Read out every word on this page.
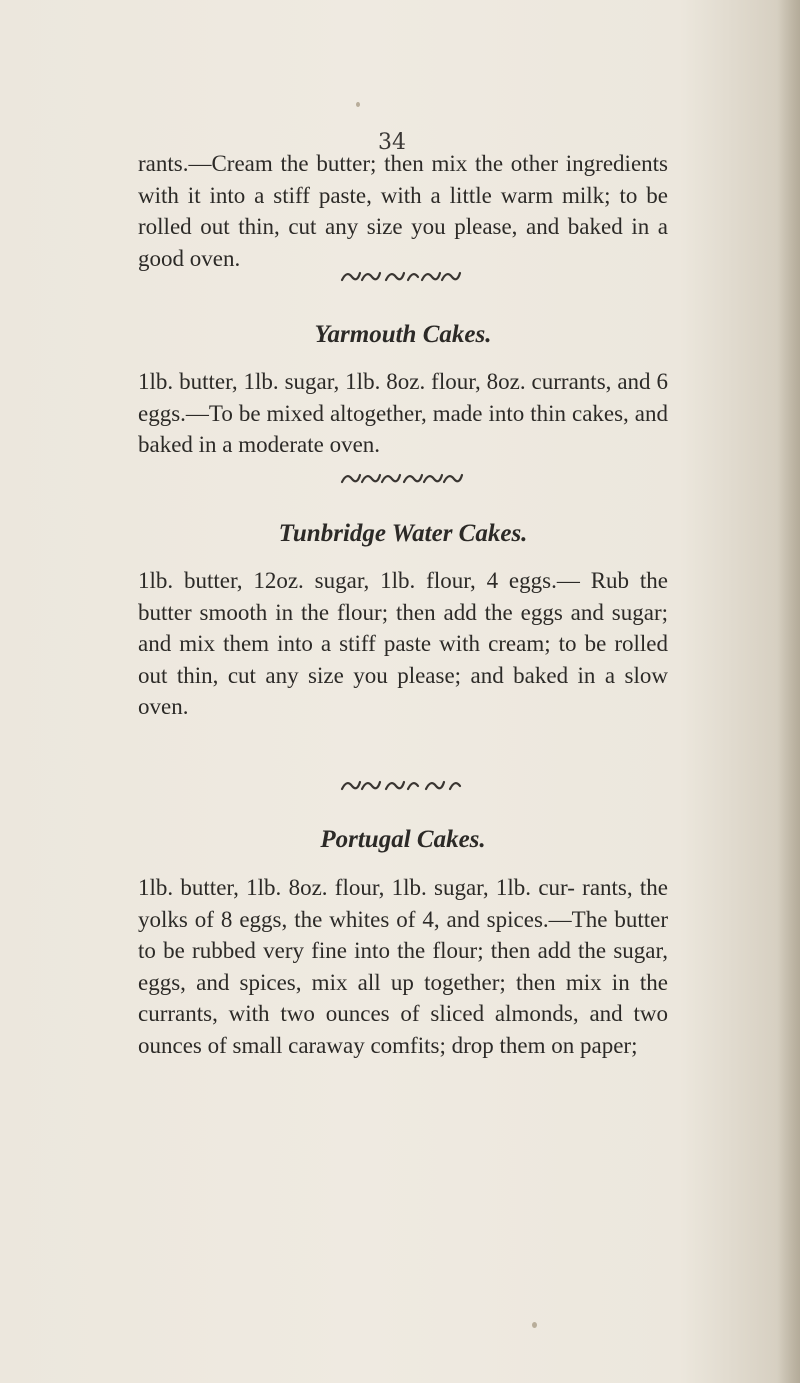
34

rants.—Cream the butter; then mix the other ingredients with it into a stiff paste, with a little warm milk; to be rolled out thin, cut any size you please, and baked in a good oven.

Yarmouth Cakes.

1lb. butter, 1lb. sugar, 1lb. 8oz. flour, 8oz. currants, and 6 eggs.—To be mixed altogether, made into thin cakes, and baked in a moderate oven.

Tunbridge Water Cakes.

1lb. butter, 12oz. sugar, 1lb. flour, 4 eggs.— Rub the butter smooth in the flour; then add the eggs and sugar; and mix them into a stiff paste with cream; to be rolled out thin, cut any size you please; and baked in a slow oven.

Portugal Cakes.

1lb. butter, 1lb. 8oz. flour, 1lb. sugar, 1lb. cur- rants, the yolks of 8 eggs, the whites of 4, and spices.—The butter to be rubbed very fine into the flour; then add the sugar, eggs, and spices, mix all up together; then mix in the currants, with two ounces of sliced almonds, and two ounces of small caraway comfits; drop them on paper;
